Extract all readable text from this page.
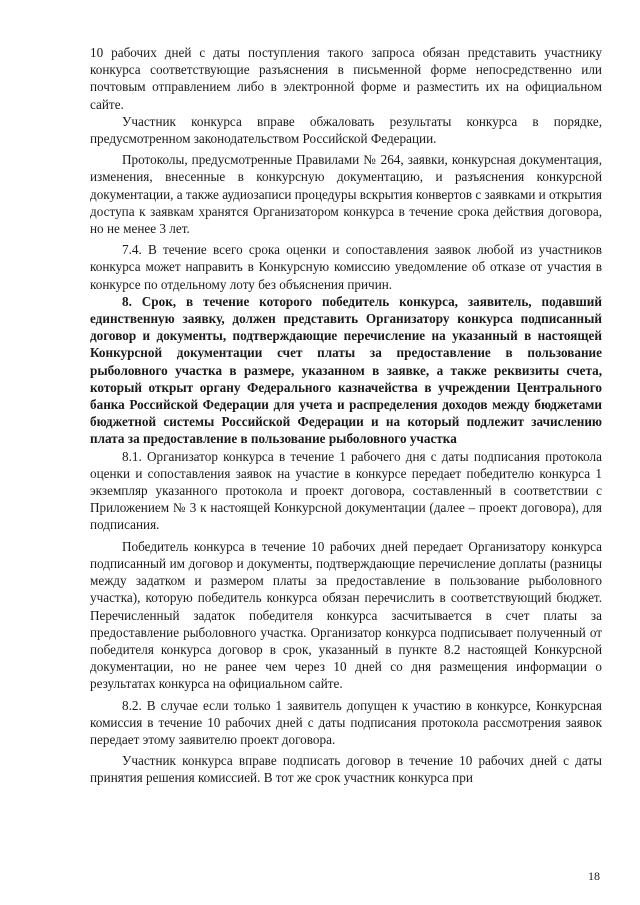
10 рабочих дней с даты поступления такого запроса обязан представить участнику конкурса соответствующие разъяснения в письменной форме непосредственно или почтовым отправлением либо в электронной форме и разместить их на официальном сайте.

Участник конкурса вправе обжаловать результаты конкурса в порядке, предусмотренном законодательством Российской Федерации.

Протоколы, предусмотренные Правилами № 264, заявки, конкурсная документация, изменения, внесенные в конкурсную документацию, и разъяснения конкурсной документации, а также аудиозаписи процедуры вскрытия конвертов с заявками и открытия доступа к заявкам хранятся Организатором конкурса в течение срока действия договора, но не менее 3 лет.

7.4. В течение всего срока оценки и сопоставления заявок любой из участников конкурса может направить в Конкурсную комиссию уведомление об отказе от участия в конкурсе по отдельному лоту без объяснения причин.

8. Срок, в течение которого победитель конкурса, заявитель, подавший единственную заявку, должен представить Организатору конкурса подписанный договор и документы, подтверждающие перечисление на указанный в настоящей Конкурсной документации счет платы за предоставление в пользование рыболовного участка в размере, указанном в заявке, а также реквизиты счета, который открыт органу Федерального казначейства в учреждении Центрального банка Российской Федерации для учета и распределения доходов между бюджетами бюджетной системы Российской Федерации и на который подлежит зачислению плата за предоставление в пользование рыболовного участка

8.1. Организатор конкурса в течение 1 рабочего дня с даты подписания протокола оценки и сопоставления заявок на участие в конкурсе передает победителю конкурса 1 экземпляр указанного протокола и проект договора, составленный в соответствии с Приложением № 3 к настоящей Конкурсной документации (далее – проект договора), для подписания.

Победитель конкурса в течение 10 рабочих дней передает Организатору конкурса подписанный им договор и документы, подтверждающие перечисление доплаты (разницы между задатком и размером платы за предоставление в пользование рыболовного участка), которую победитель конкурса обязан перечислить в соответствующий бюджет. Перечисленный задаток победителя конкурса засчитывается в счет платы за предоставление рыболовного участка. Организатор конкурса подписывает полученный от победителя конкурса договор в срок, указанный в пункте 8.2 настоящей Конкурсной документации, но не ранее чем через 10 дней со дня размещения информации о результатах конкурса на официальном сайте.

8.2. В случае если только 1 заявитель допущен к участию в конкурсе, Конкурсная комиссия в течение 10 рабочих дней с даты подписания протокола рассмотрения заявок передает этому заявителю проект договора.

Участник конкурса вправе подписать договор в течение 10 рабочих дней с даты принятия решения комиссией. В тот же срок участник конкурса при

18
